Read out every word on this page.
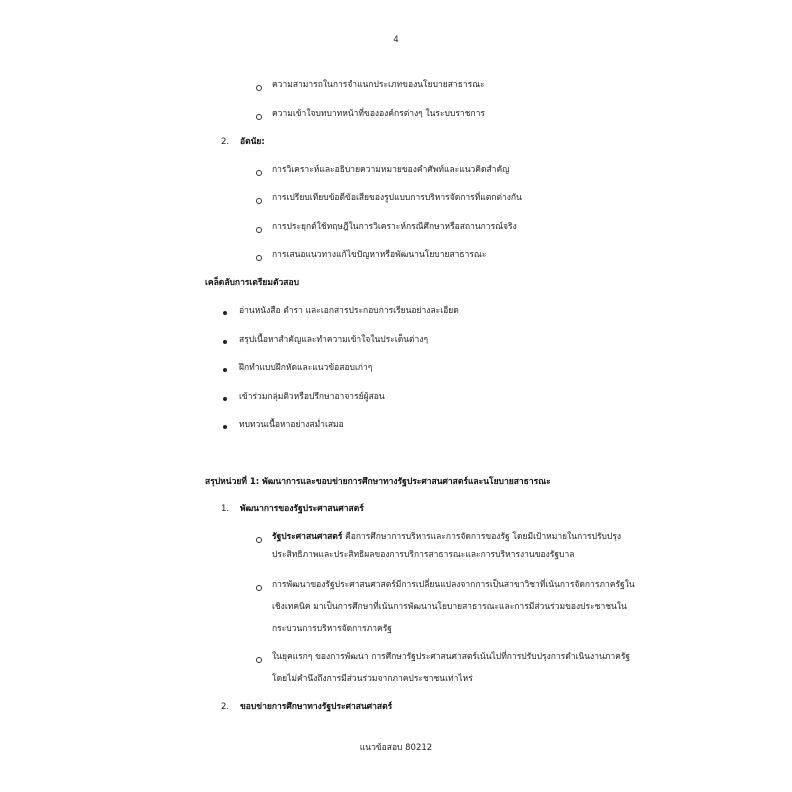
4
ความสามารถในการจำแนกประเภทของนโยบายสาธารณะ
ความเข้าใจบทบาทหน้าที่ขององค์กรต่างๆ ในระบบราชการ
2. อัตนัย:
การวิเคราะห์และอธิบายความหมายของคำศัพท์และแนวคิดสำคัญ
การเปรียบเทียบข้อดีข้อเสียของรูปแบบการบริหารจัดการที่แตกต่างกัน
การประยุกต์ใช้ทฤษฎีในการวิเคราะห์กรณีศึกษาหรือสถานการณ์จริง
การเสนอแนวทางแก้ไขปัญหาหรือพัฒนานโยบายสาธารณะ
เคล็ดลับการเตรียมตัวสอบ
อ่านหนังสือ ตำรา และเอกสารประกอบการเรียนอย่างละเอียด
สรุปเนื้อหาสำคัญและทำความเข้าใจในประเด็นต่างๆ
ฝึกทำแบบฝึกหัดและแนวข้อสอบเก่าๆ
เข้าร่วมกลุ่มติวหรือปรึกษาอาจารย์ผู้สอน
ทบทวนเนื้อหาอย่างสม่ำเสมอ
สรุปหน่วยที่ 1: พัฒนาการและขอบข่ายการศึกษาทางรัฐประศาสนศาสตร์และนโยบายสาธารณะ
1. พัฒนาการของรัฐประศาสนศาสตร์
รัฐประศาสนศาสตร์ คือการศึกษาการบริหารและการจัดการของรัฐ โดยมีเป้าหมายในการปรับปรุง
ประสิทธิภาพและประสิทธิผลของการบริการสาธารณะและการบริหารงานของรัฐบาล
การพัฒนาของรัฐประศาสนศาสตร์มีการเปลี่ยนแปลงจากการเป็นสาขาวิชาที่เน้นการจัดการภาครัฐใน
เชิงเทคนิค มาเป็นการศึกษาที่เน้นการพัฒนานโยบายสาธารณะและการมีส่วนร่วมของประชาชนใน
กระบวนการบริหารจัดการภาครัฐ
ในยุคแรกๆ ของการพัฒนา การศึกษารัฐประศาสนศาสตร์เน้นไปที่การปรับปรุงการดำเนินงานภาครัฐ
โดยไม่คำนึงถึงการมีส่วนร่วมจากภาคประชาชนเท่าไหร่
2. ขอบข่ายการศึกษาทางรัฐประศาสนศาสตร์
แนวข้อสอบ 80212
